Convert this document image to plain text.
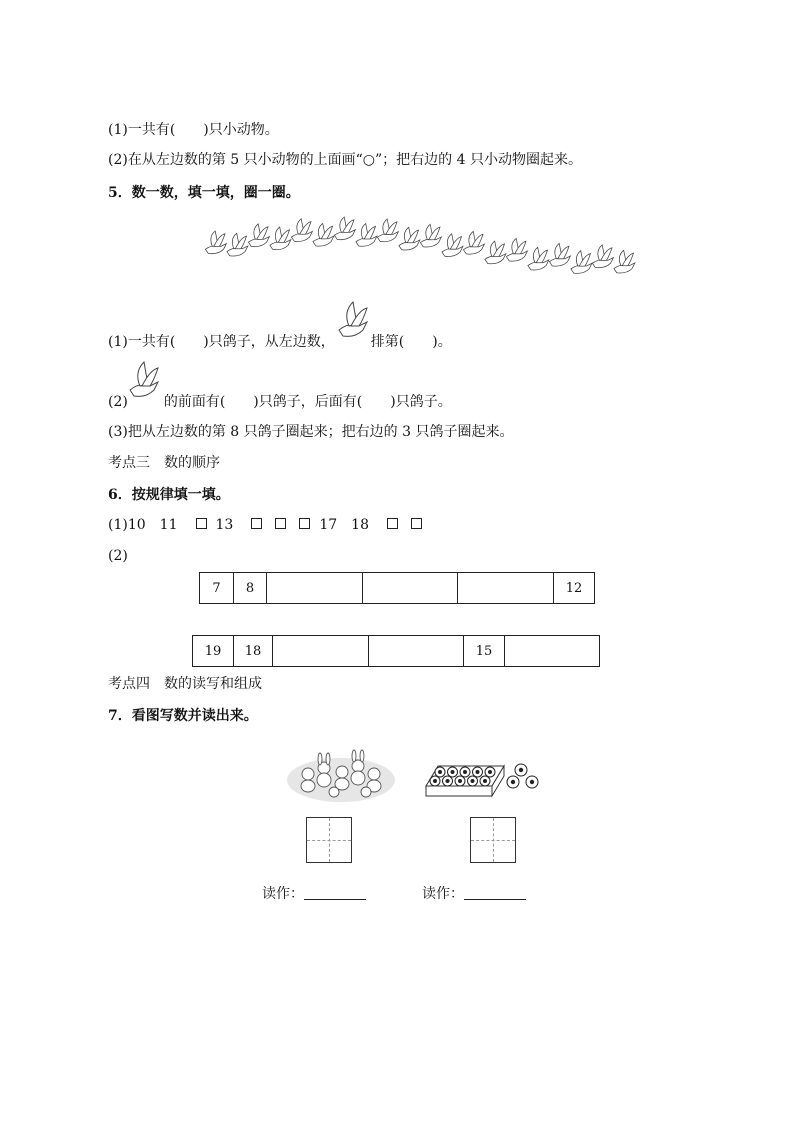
(1)一共有(　　)只小动物。
(2)在从左边数的第 5 只小动物的上面画“○”；把右边的 4 只小动物圈起来。
5．数一数，填一填，圈一圈。
(1)一共有(　　)只鸽子，从左边数，	排第(　　)。
(2)	的前面有(　　)只鸽子，后面有(　　)只鸽子。
(3)把从左边数的第 8 只鸽子圈起来；把右边的 3 只鸽子圈起来。
考点三　数的顺序
6．按规律填一填。
(1)10 11	13	17 18
(2)
7	8				12
19	18			15	
考点四　数的读写和组成
7．看图写数并读出来。
读作：	读作：
